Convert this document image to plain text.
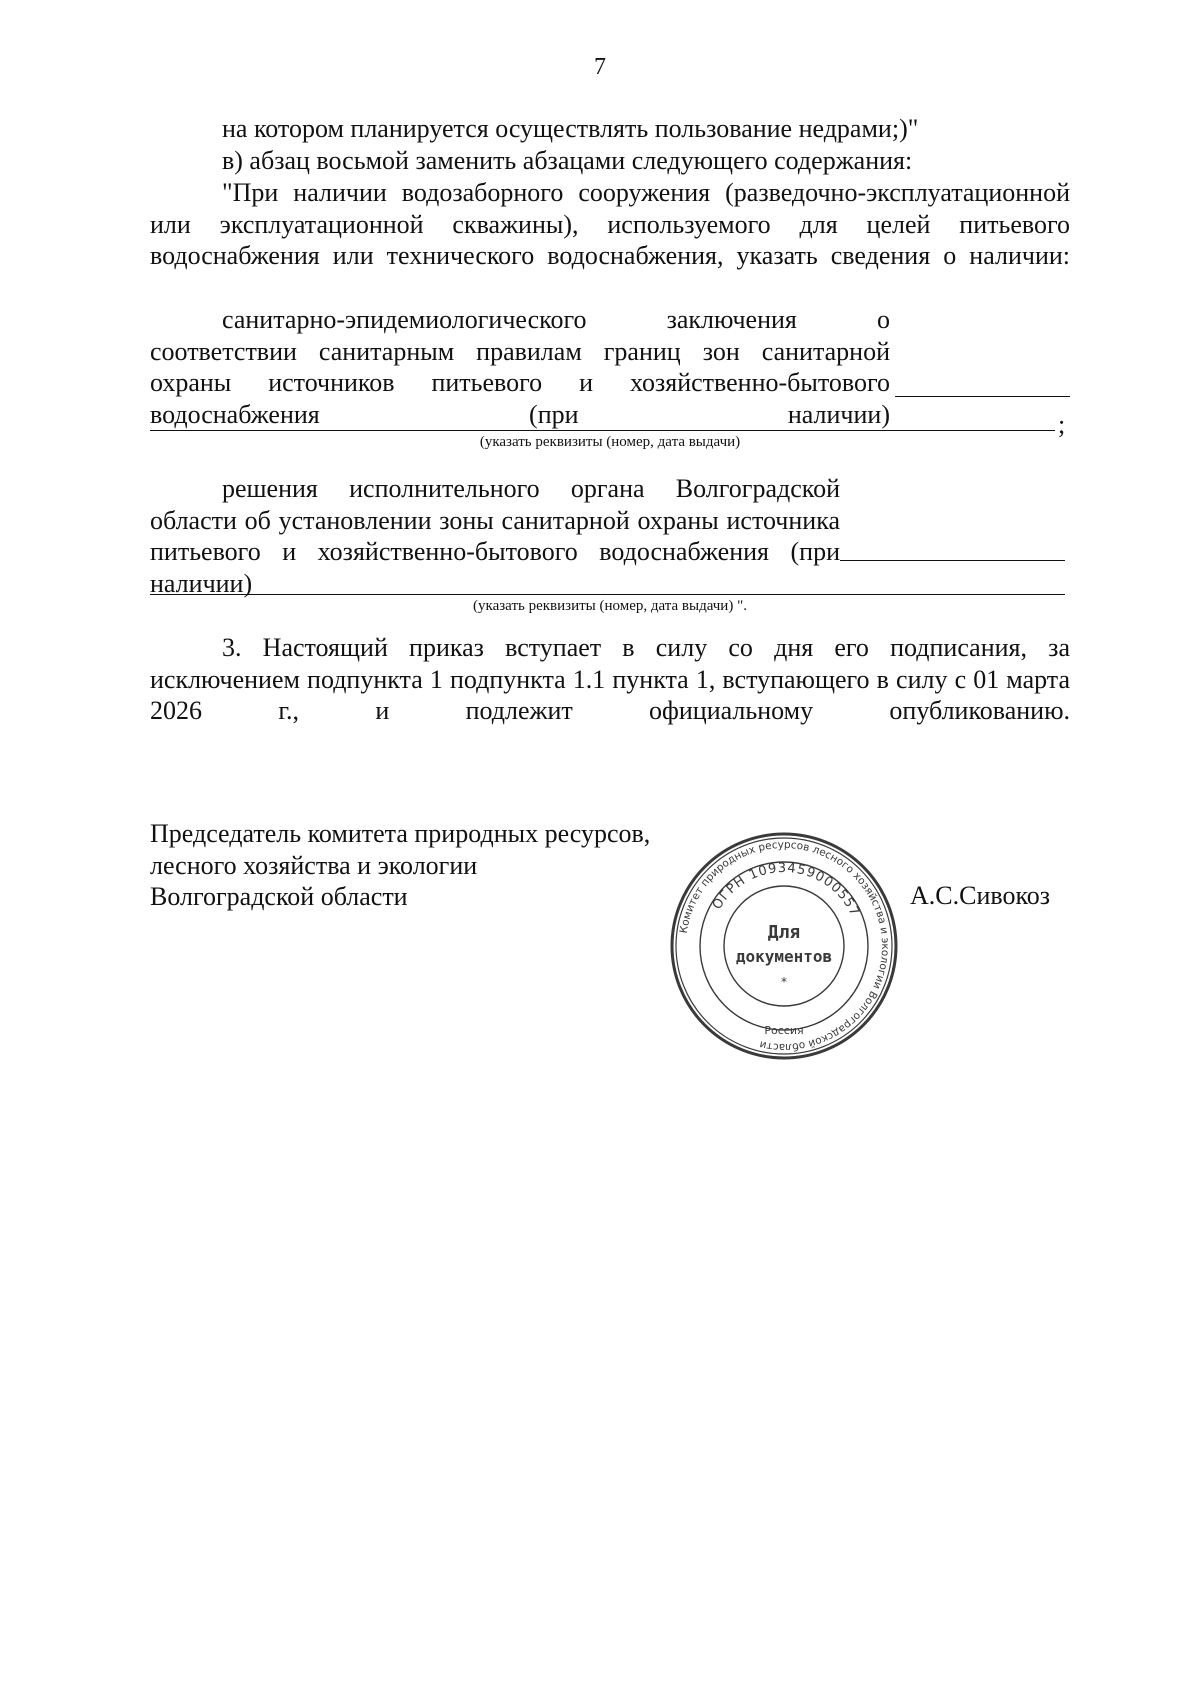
7
на котором планируется осуществлять пользование недрами;)"
в) абзац восьмой заменить абзацами следующего содержания:
"При наличии водозаборного сооружения (разведочно-эксплуатационной или эксплуатационной скважины), используемого для целей питьевого водоснабжения или технического водоснабжения, указать сведения о наличии:
санитарно-эпидемиологического заключения о соответствии санитарным правилам границ зон санитарной охраны источников питьевого и хозяйственно-бытового водоснабжения (при наличии)	;
(указать реквизиты (номер, дата выдачи)
решения исполнительного органа Волгоградской области об установлении зоны санитарной охраны источника питьевого и хозяйственно-бытового водоснабжения (при наличии)
(указать реквизиты (номер, дата выдачи) ".
3. Настоящий приказ вступает в силу со дня его подписания, за исключением подпункта 1 подпункта 1.1 пункта 1, вступающего в силу с 01 марта 2026 г., и подлежит официальному опубликованию.
Председатель комитета природных ресурсов,
лесного хозяйства и экологии
Волгоградской области
Комитет природных ресурсов лесного хозяйства и экологии Волгоградской области
ОГРН 1093459000557
Для
документов
*
Россия
А.С.Сивокоз
